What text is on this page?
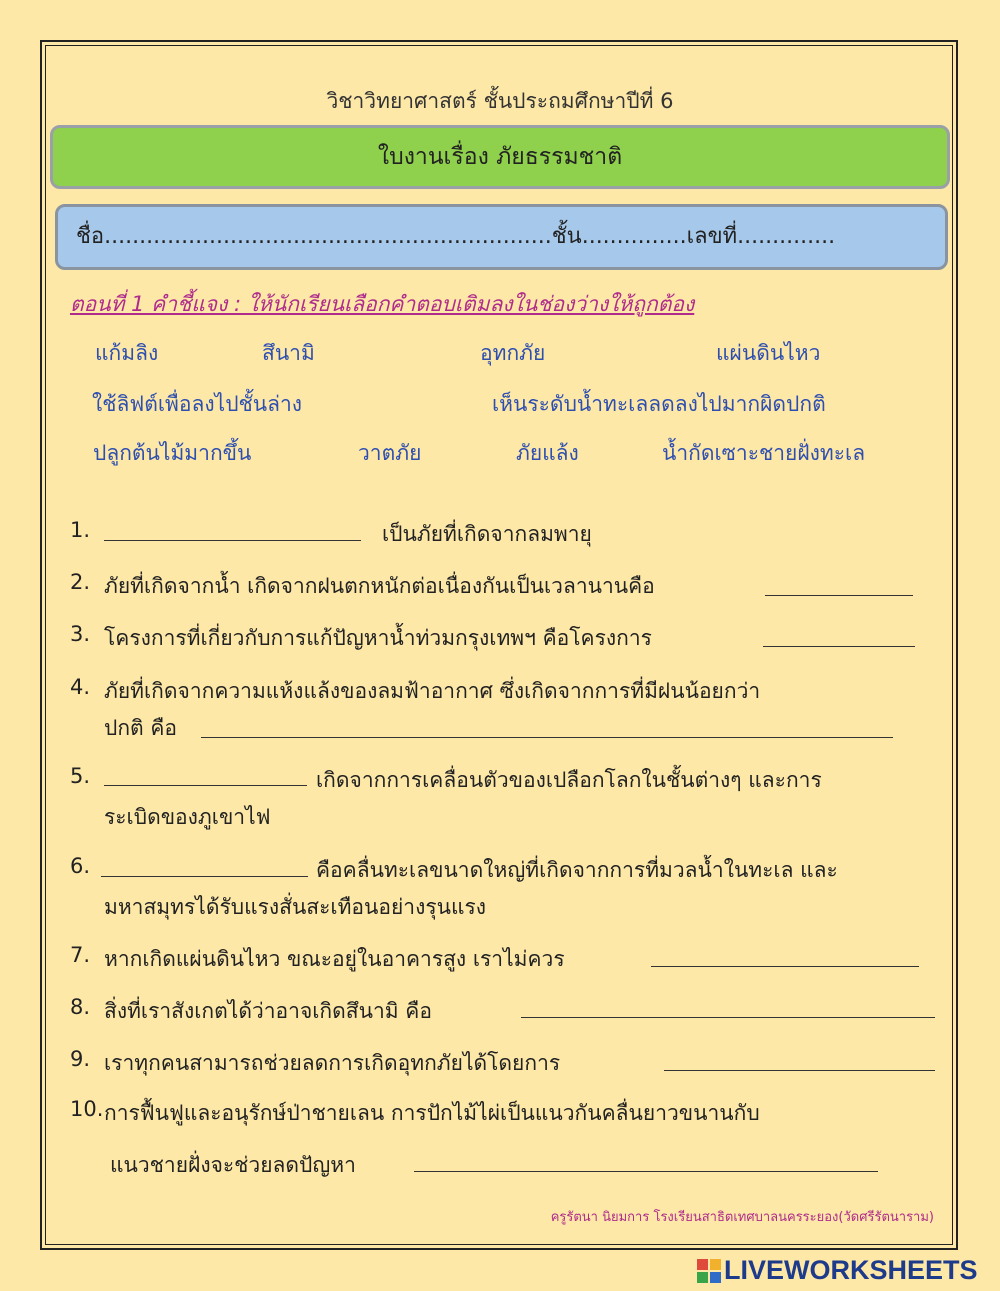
วิชาวิทยาศาสตร์ ชั้นประถมศึกษาปีที่ 6
ใบงานเรื่อง ภัยธรรมชาติ
ชื่อ................................................................ชั้น...............เลขที่..............
ตอนที่ 1 คำชี้แจง : ให้นักเรียนเลือกคำตอบเติมลงในช่องว่างให้ถูกต้อง
แก้มลิง	สึนามิ	อุทกภัย	แผ่นดินไหว
ใช้ลิฟต์เพื่อลงไปชั้นล่าง	เห็นระดับน้ำทะเลลดลงไปมากผิดปกติ
ปลูกต้นไม้มากขึ้น	วาตภัย	ภัยแล้ง	น้ำกัดเซาะชายฝั่งทะเล
1.	เป็นภัยที่เกิดจากลมพายุ
2. ภัยที่เกิดจากน้ำ เกิดจากฝนตกหนักต่อเนื่องกันเป็นเวลานานคือ
3. โครงการที่เกี่ยวกับการแก้ปัญหาน้ำท่วมกรุงเทพฯ คือโครงการ
4. ภัยที่เกิดจากความแห้งแล้งของลมฟ้าอากาศ ซึ่งเกิดจากการที่มีฝนน้อยกว่า
ปกติ คือ
5.	เกิดจากการเคลื่อนตัวของเปลือกโลกในชั้นต่างๆ และการ
ระเบิดของภูเขาไฟ
6.	คือคลื่นทะเลขนาดใหญ่ที่เกิดจากการที่มวลน้ำในทะเล และ
มหาสมุทรได้รับแรงสั่นสะเทือนอย่างรุนแรง
7. หากเกิดแผ่นดินไหว ขณะอยู่ในอาคารสูง เราไม่ควร
8. สิ่งที่เราสังเกตได้ว่าอาจเกิดสึนามิ คือ
9. เราทุกคนสามารถช่วยลดการเกิดอุทกภัยได้โดยการ
10. การฟื้นฟูและอนุรักษ์ป่าชายเลน การปักไม้ไผ่เป็นแนวกันคลื่นยาวขนานกับ
แนวชายฝั่งจะช่วยลดปัญหา
ครูรัตนา นิยมการ โรงเรียนสาธิตเทศบาลนครระยอง(วัดศรีรัตนาราม)
LIVEWORKSHEETS
